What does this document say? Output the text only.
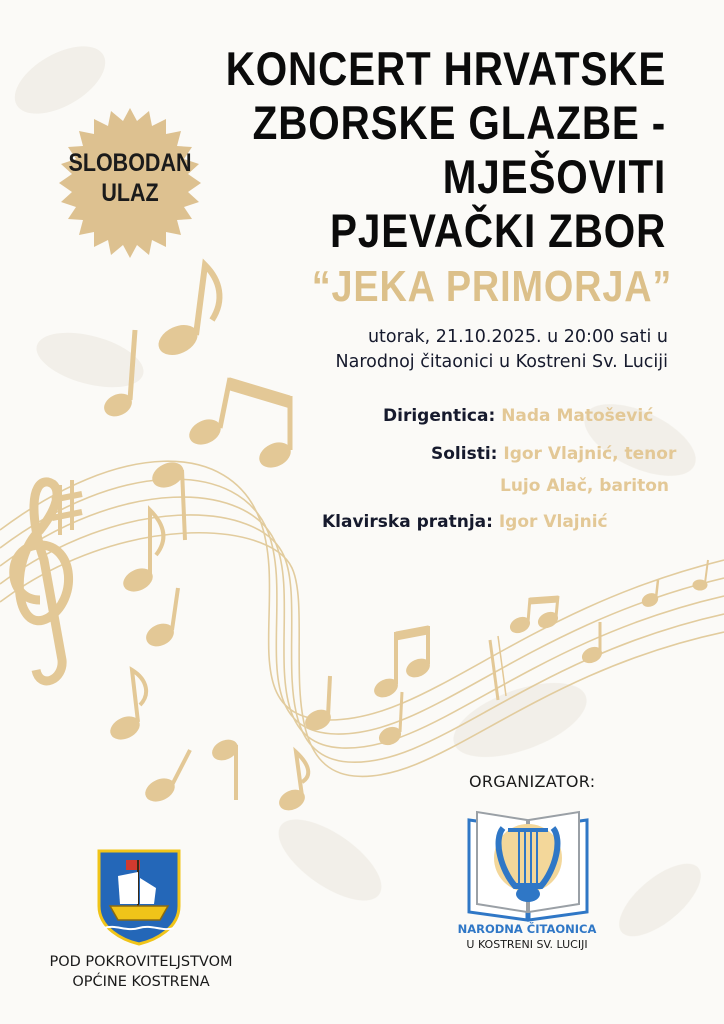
SLOBODAN
ULAZ
KONCERT HRVATSKE
ZBORSKE GLAZBE -
MJEŠOVITI
PJEVAČKI ZBOR
“JEKA PRIMORJA”
utorak, 21.10.2025. u 20:00 sati u
Narodnoj čitaonici u Kostreni Sv. Luciji
Dirigentica: Nada Matošević
Solisti: Igor Vlajnić, tenor
Lujo Alač, bariton
Klavirska pratnja: Igor Vlajnić
ORGANIZATOR:
NARODNA ČITAONICA
U KOSTRENI SV. LUCIJI
POD POKROVITELJSTVOM
OPĆINE KOSTRENA
